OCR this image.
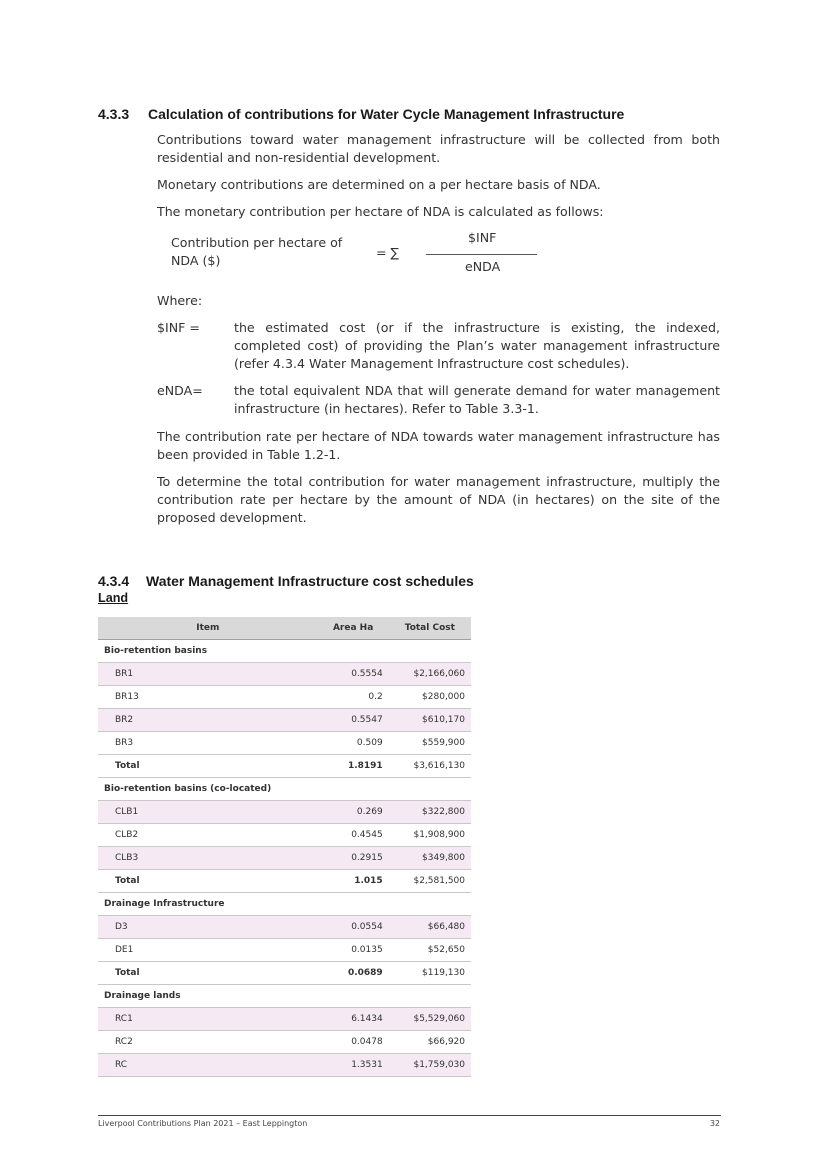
4.3.3 Calculation of contributions for Water Cycle Management Infrastructure
Contributions toward water management infrastructure will be collected from both residential and non-residential development.
Monetary contributions are determined on a per hectare basis of NDA.
The monetary contribution per hectare of NDA is calculated as follows:
Contribution per hectare of NDA ($)
= ∑
$INF
eNDA
Where:
$INF =	the estimated cost (or if the infrastructure is existing, the indexed, completed cost) of providing the Plan’s water management infrastructure (refer 4.3.4 Water Management Infrastructure cost schedules).
eNDA= the total equivalent NDA that will generate demand for water management infrastructure (in hectares). Refer to Table 3.3-1.
The contribution rate per hectare of NDA towards water management infrastructure has been provided in Table 1.2-1.
To determine the total contribution for water management infrastructure, multiply the contribution rate per hectare by the amount of NDA (in hectares) on the site of the proposed development.
4.3.4 Water Management Infrastructure cost schedules
Land
Item	Area Ha	Total Cost
Bio-retention basins		
BR1	0.5554	$2,166,060
BR13	0.2	$280,000
BR2	0.5547	$610,170
BR3	0.509	$559,900
Total	1.8191	$3,616,130
Bio-retention basins (co-located)		
CLB1	0.269	$322,800
CLB2	0.4545	$1,908,900
CLB3	0.2915	$349,800
Total	1.015	$2,581,500
Drainage Infrastructure		
D3	0.0554	$66,480
DE1	0.0135	$52,650
Total	0.0689	$119,130
Drainage lands		
RC1	6.1434	$5,529,060
RC2	0.0478	$66,920
RC	1.3531	$1,759,030
Liverpool Contributions Plan 2021 – East Leppington	32
